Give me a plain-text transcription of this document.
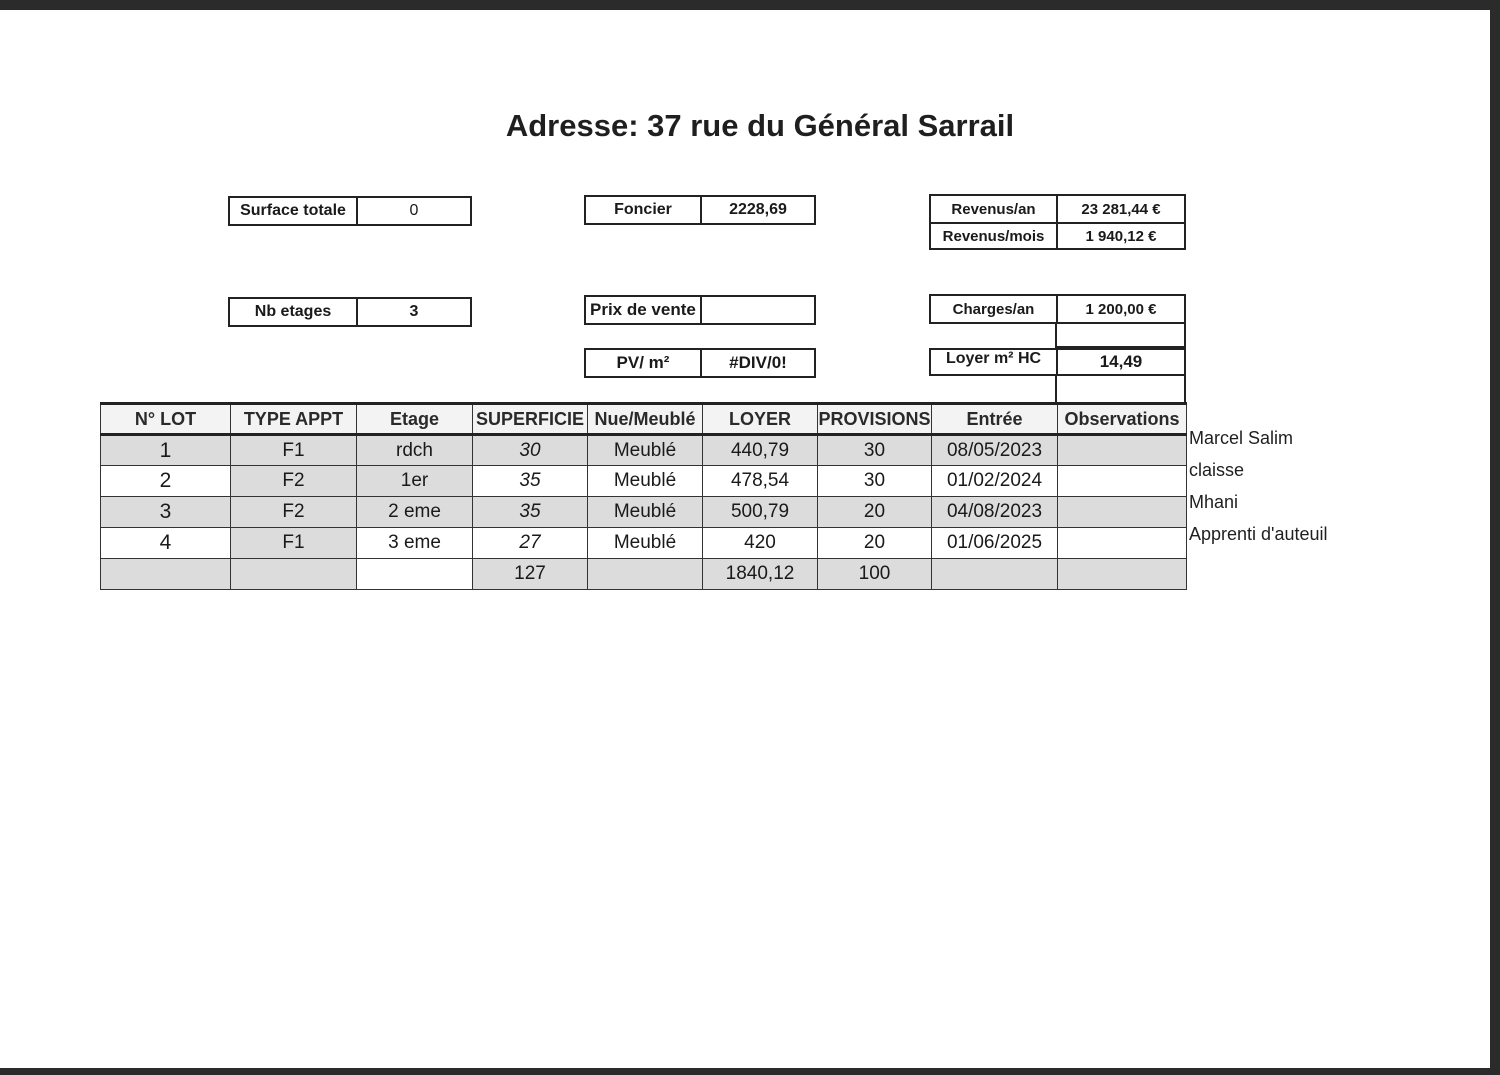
Adresse: 37 rue du Général Sarrail
Surface totale	0
Nb etages	3
Foncier	2228,69
Prix de vente
PV/ m²	#DIV/0!
Revenus/an	23 281,44 €
Revenus/mois	1 940,12 €
Charges/an	1 200,00 €
Loyer m² HC	14,49
N° LOT	TYPE APPT	Etage	SUPERFICIE	Nue/Meublé	LOYER	PROVISIONS	Entrée	Observations
1	F1	rdch	30	Meublé	440,79	30	08/05/2023	
2	F2	1er	35	Meublé	478,54	30	01/02/2024	
3	F2	2 eme	35	Meublé	500,79	20	04/08/2023	
4	F1	3 eme	27	Meublé	420	20	01/06/2025	
			127		1840,12	100		
Marcel Salim
claisse
Mhani
Apprenti d'auteuil
